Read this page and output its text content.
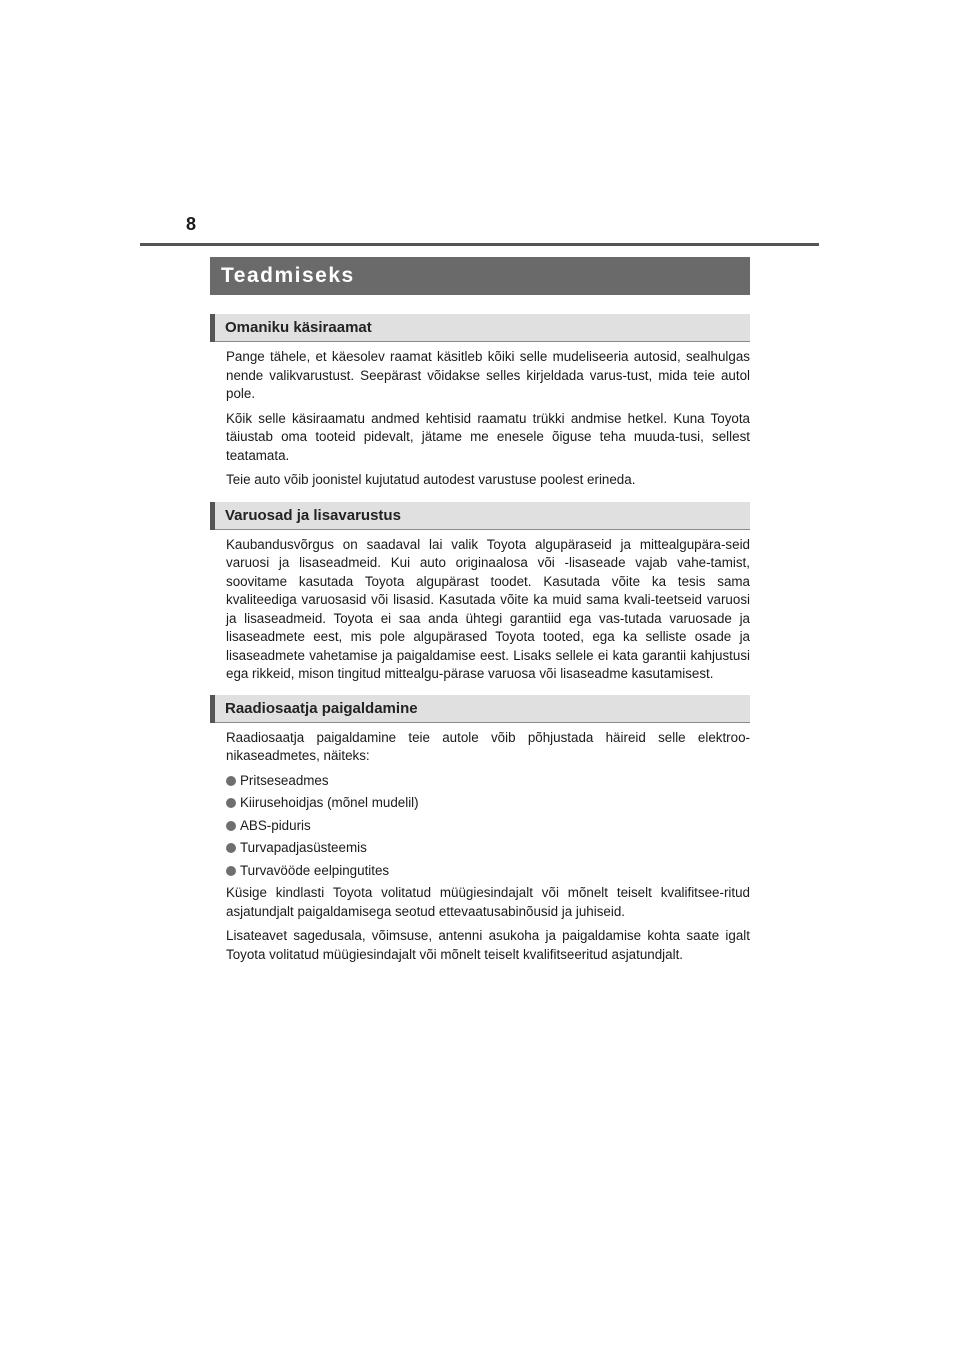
8
Teadmiseks
Omaniku käsiraamat

Pange tähele, et käesolev raamat käsitleb kõiki selle mudeliseeria autosid, sealhulgas nende valikvarustust. Seepärast võidakse selles kirjeldada varus-tust, mida teie autol pole.

Kõik selle käsiraamatu andmed kehtisid raamatu trükki andmise hetkel. Kuna Toyota täiustab oma tooteid pidevalt, jätame me enesele õiguse teha muuda-tusi, sellest teatamata.

Teie auto võib joonistel kujutatud autodest varustuse poolest erineda.

Varuosad ja lisavarustus

Kaubandusvõrgus on saadaval lai valik Toyota algupäraseid ja mittealgupära-seid varuosi ja lisaseadmeid. Kui auto originaalosa või -lisaseade vajab vahe-tamist, soovitame kasutada Toyota algupärast toodet. Kasutada võite ka tesis sama kvaliteediga varuosasid või lisasid. Kasutada võite ka muid sama kvali-teetseid varuosi ja lisaseadmeid. Toyota ei saa anda ühtegi garantiid ega vas-tutada varuosade ja lisaseadmete eest, mis pole algupärased Toyota tooted, ega ka selliste osade ja lisaseadmete vahetamise ja paigaldamise eest. Lisaks sellele ei kata garantii kahjustusi ega rikkeid, mison tingitud mittealgu-pärase varuosa või lisaseadme kasutamisest.

Raadiosaatja paigaldamine

Raadiosaatja paigaldamine teie autole võib põhjustada häireid selle elektroo-nikaseadmetes, näiteks:

Pritseseadmes
Kiirusehoidjas (mõnel mudelil)
ABS-piduris
Turvapadjasüsteemis
Turvavööde eelpingutites

Küsige kindlasti Toyota volitatud müügiesindajalt või mõnelt teiselt kvalifitsee-ritud asjatundjalt paigaldamisega seotud ettevaatusabinõusid ja juhiseid.

Lisateavet sagedusala, võimsuse, antenni asukoha ja paigaldamise kohta saate igalt Toyota volitatud müügiesindajalt või mõnelt teiselt kvalifitseeritud asjatundjalt.
